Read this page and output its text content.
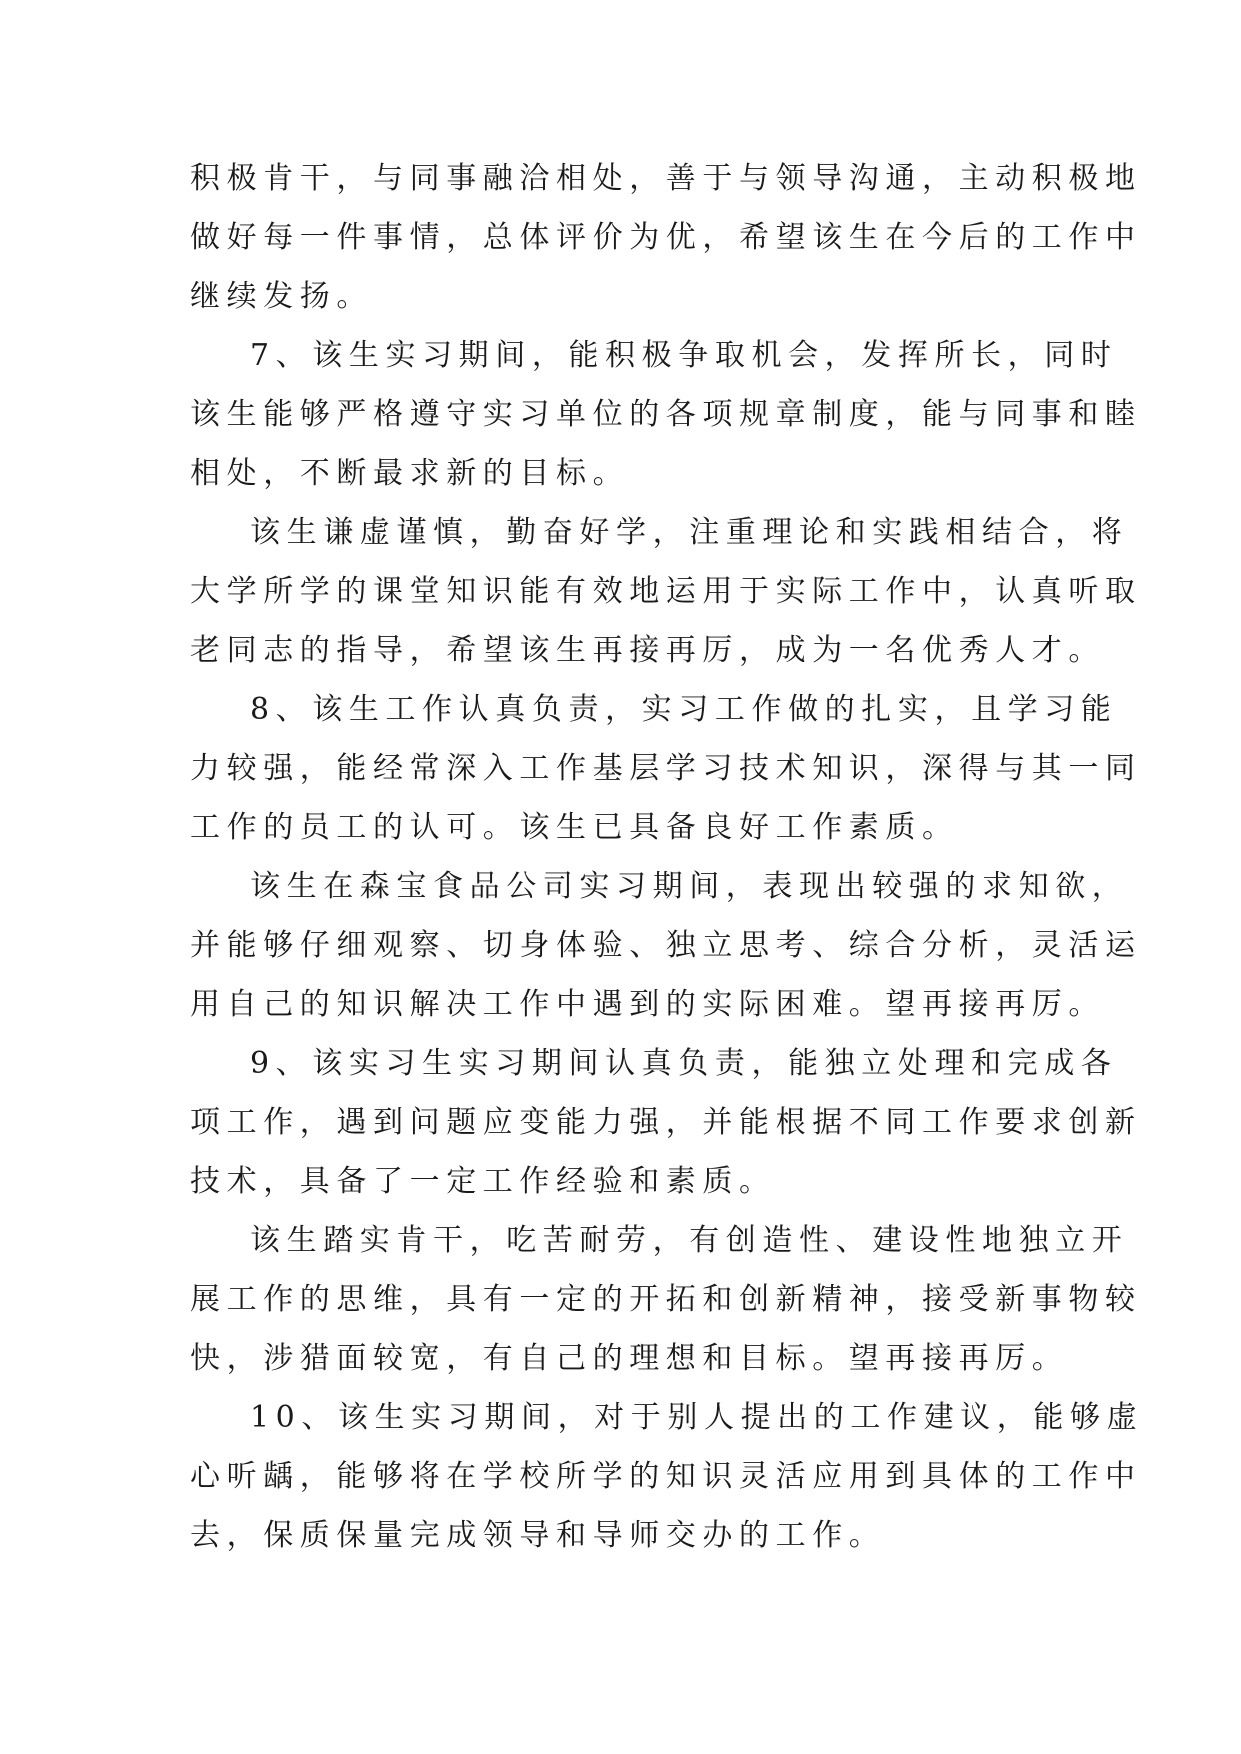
积极肯干，与同事融洽相处，善于与领导沟通，主动积极地
做好每一件事情，总体评价为优，希望该生在今后的工作中
继续发扬。
7、该生实习期间，能积极争取机会，发挥所长，同时
该生能够严格遵守实习单位的各项规章制度，能与同事和睦
相处，不断最求新的目标。
该生谦虚谨慎，勤奋好学，注重理论和实践相结合，将
大学所学的课堂知识能有效地运用于实际工作中，认真听取
老同志的指导，希望该生再接再厉，成为一名优秀人才。
8、该生工作认真负责，实习工作做的扎实，且学习能
力较强，能经常深入工作基层学习技术知识，深得与其一同
工作的员工的认可。该生已具备良好工作素质。
该生在森宝食品公司实习期间，表现出较强的求知欲，
并能够仔细观察、切身体验、独立思考、综合分析，灵活运
用自己的知识解决工作中遇到的实际困难。望再接再厉。
9、该实习生实习期间认真负责，能独立处理和完成各
项工作，遇到问题应变能力强，并能根据不同工作要求创新
技术，具备了一定工作经验和素质。
该生踏实肯干，吃苦耐劳，有创造性、建设性地独立开
展工作的思维，具有一定的开拓和创新精神，接受新事物较
快，涉猎面较宽，有自己的理想和目标。望再接再厉。
10、该生实习期间，对于别人提出的工作建议，能够虚
心听龋，能够将在学校所学的知识灵活应用到具体的工作中
去，保质保量完成领导和导师交办的工作。
